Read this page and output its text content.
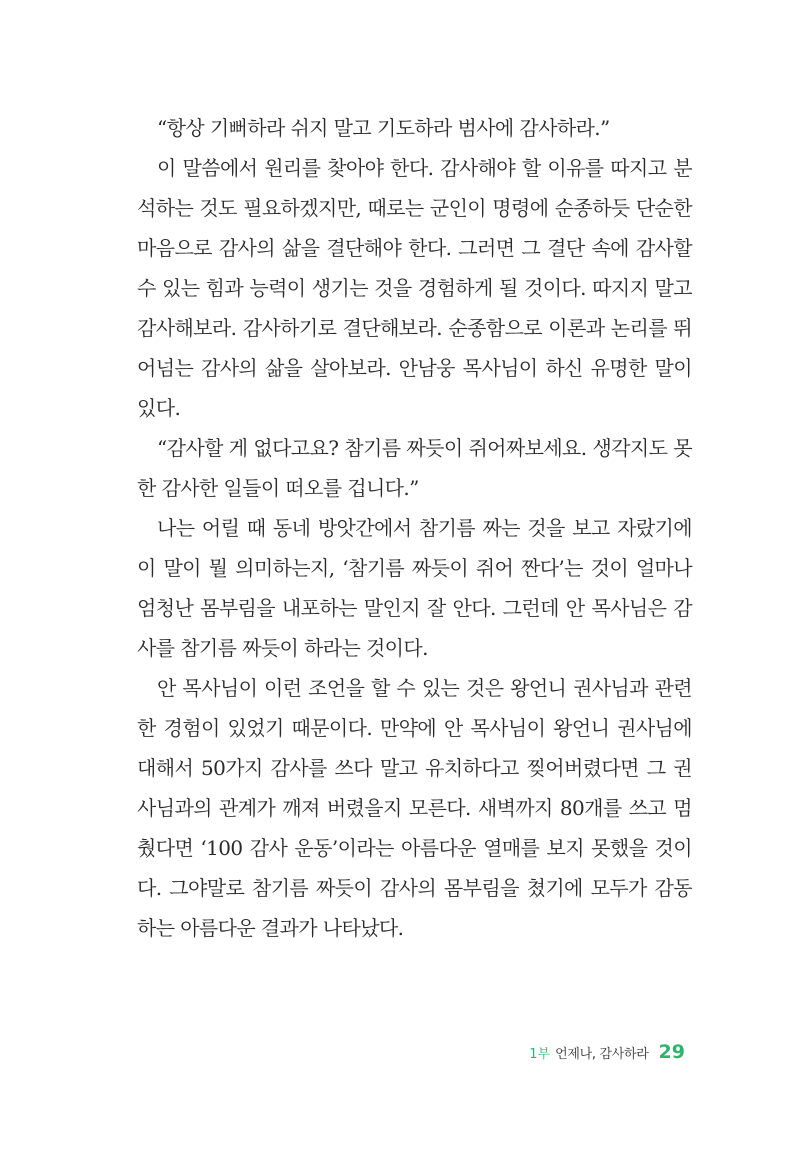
“항상 기뻐하라 쉬지 말고 기도하라 범사에 감사하라.”

이 말씀에서 원리를 찾아야 한다. 감사해야 할 이유를 따지고 분석하는 것도 필요하겠지만, 때로는 군인이 명령에 순종하듯 단순한 마음으로 감사의 삶을 결단해야 한다. 그러면 그 결단 속에 감사할 수 있는 힘과 능력이 생기는 것을 경험하게 될 것이다. 따지지 말고 감사해보라. 감사하기로 결단해보라. 순종함으로 이론과 논리를 뛰어넘는 감사의 삶을 살아보라. 안남웅 목사님이 하신 유명한 말이 있다.

“감사할 게 없다고요? 참기름 짜듯이 쥐어짜보세요. 생각지도 못한 감사한 일들이 떠오를 겁니다.”

나는 어릴 때 동네 방앗간에서 참기름 짜는 것을 보고 자랐기에 이 말이 뭘 의미하는지, ‘참기름 짜듯이 쥐어 짠다’는 것이 얼마나 엄청난 몸부림을 내포하는 말인지 잘 안다. 그런데 안 목사님은 감사를 참기름 짜듯이 하라는 것이다.

안 목사님이 이런 조언을 할 수 있는 것은 왕언니 권사님과 관련한 경험이 있었기 때문이다. 만약에 안 목사님이 왕언니 권사님에 대해서 50가지 감사를 쓰다 말고 유치하다고 찢어버렸다면 그 권사님과의 관계가 깨져 버렸을지 모른다. 새벽까지 80개를 쓰고 멈췄다면 ‘100 감사 운동’이라는 아름다운 열매를 보지 못했을 것이다. 그야말로 참기름 짜듯이 감사의 몸부림을 쳤기에 모두가 감동하는 아름다운 결과가 나타났다.

1부 언제나, 감사하라 29
